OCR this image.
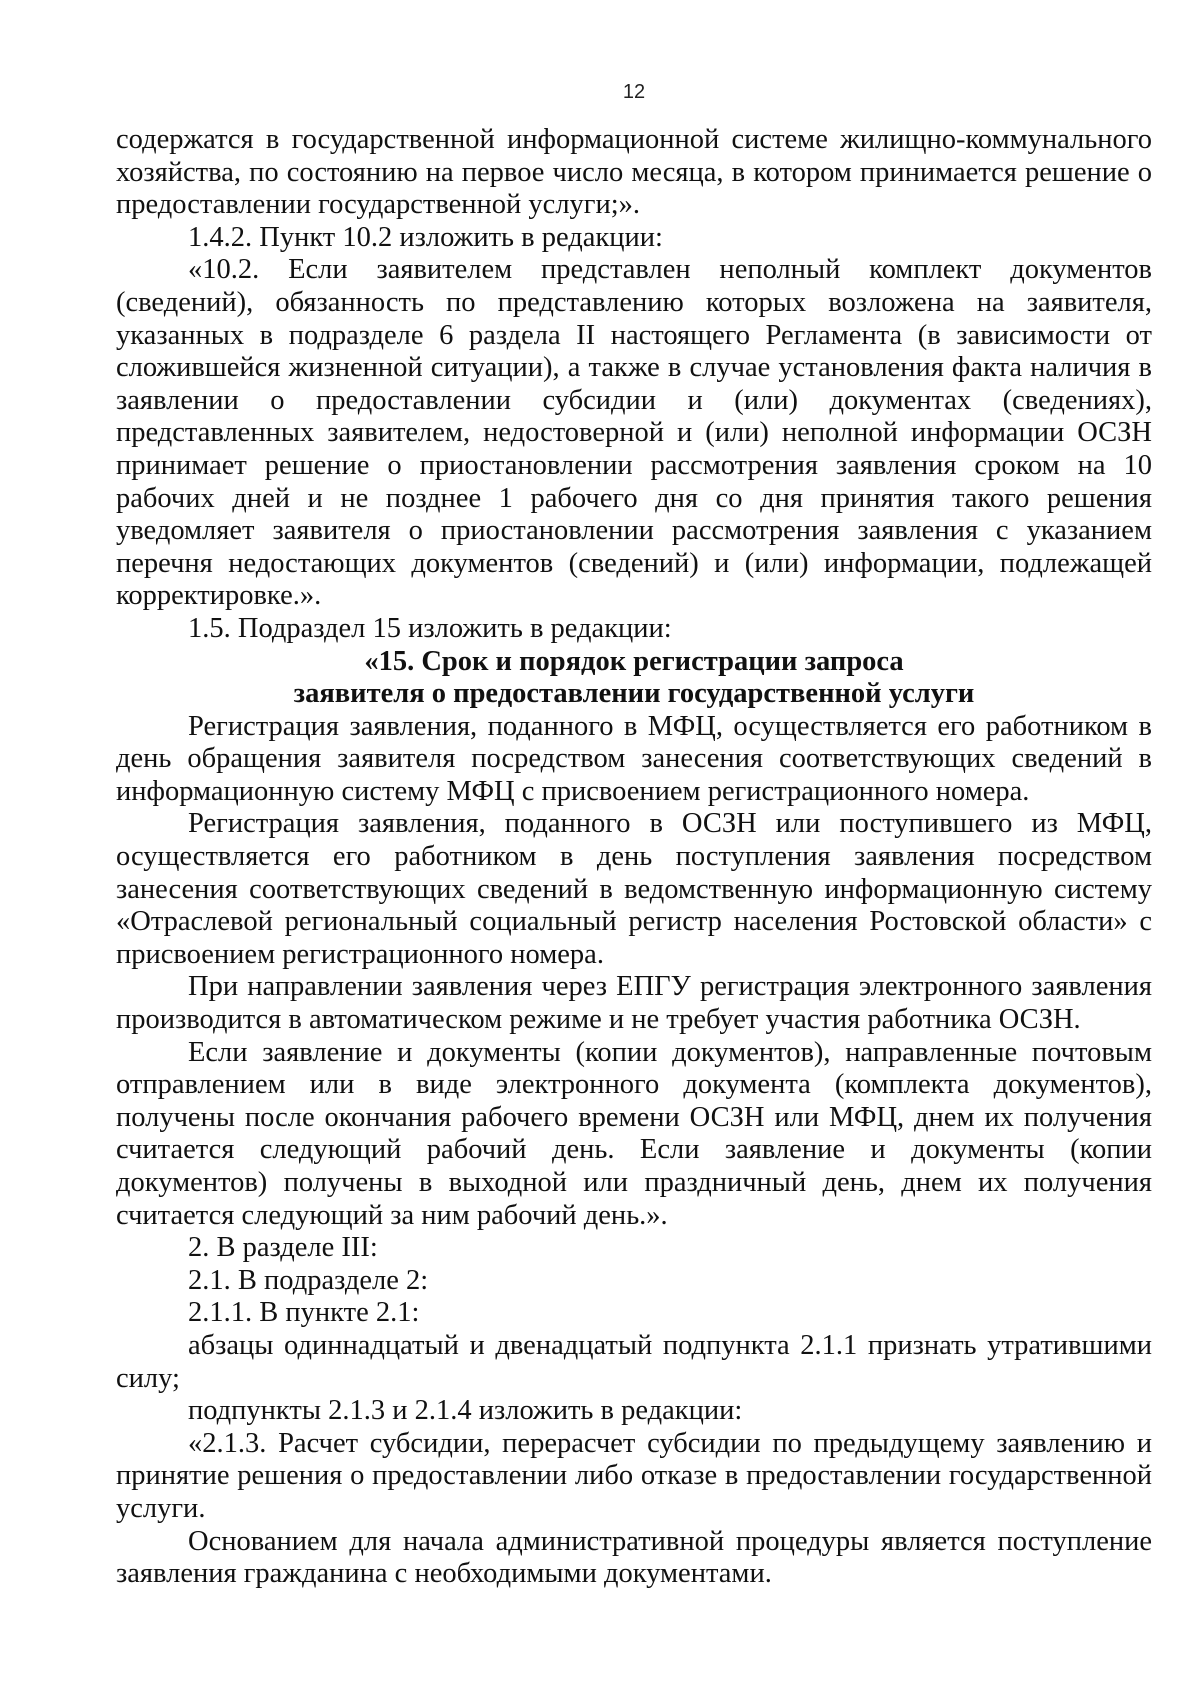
12

содержатся в государственной информационной системе жилищно-коммунального хозяйства, по состоянию на первое число месяца, в котором принимается решение о предоставлении государственной услуги;».

1.4.2. Пункт 10.2 изложить в редакции:

«10.2. Если заявителем представлен неполный комплект документов (сведений), обязанность по представлению которых возложена на заявителя, указанных в подразделе 6 раздела II настоящего Регламента (в зависимости от сложившейся жизненной ситуации), а также в случае установления факта наличия в заявлении о предоставлении субсидии и (или) документах (сведениях), представленных заявителем, недостоверной и (или) неполной информации ОСЗН принимает решение о приостановлении рассмотрения заявления сроком на 10 рабочих дней и не позднее 1 рабочего дня со дня принятия такого решения уведомляет заявителя о приостановлении рассмотрения заявления с указанием перечня недостающих документов (сведений) и (или) информации, подлежащей корректировке.».

1.5. Подраздел 15 изложить в редакции:

«15. Срок и порядок регистрации запроса
заявителя о предоставлении государственной услуги

Регистрация заявления, поданного в МФЦ, осуществляется его работником в день обращения заявителя посредством занесения соответствующих сведений в информационную систему МФЦ с присвоением регистрационного номера.

Регистрация заявления, поданного в ОСЗН или поступившего из МФЦ, осуществляется его работником в день поступления заявления посредством занесения соответствующих сведений в ведомственную информационную систему «Отраслевой региональный социальный регистр населения Ростовской области» с присвоением регистрационного номера.

При направлении заявления через ЕПГУ регистрация электронного заявления производится в автоматическом режиме и не требует участия работника ОСЗН.

Если заявление и документы (копии документов), направленные почтовым отправлением или в виде электронного документа (комплекта документов), получены после окончания рабочего времени ОСЗН или МФЦ, днем их получения считается следующий рабочий день. Если заявление и документы (копии документов) получены в выходной или праздничный день, днем их получения считается следующий за ним рабочий день.».

2. В разделе III:

2.1. В подразделе 2:

2.1.1. В пункте 2.1:

абзацы одиннадцатый и двенадцатый подпункта 2.1.1 признать утратившими силу;

подпункты 2.1.3 и 2.1.4 изложить в редакции:

«2.1.3. Расчет субсидии, перерасчет субсидии по предыдущему заявлению и принятие решения о предоставлении либо отказе в предоставлении государственной услуги.

Основанием для начала административной процедуры является поступление заявления гражданина с необходимыми документами.
